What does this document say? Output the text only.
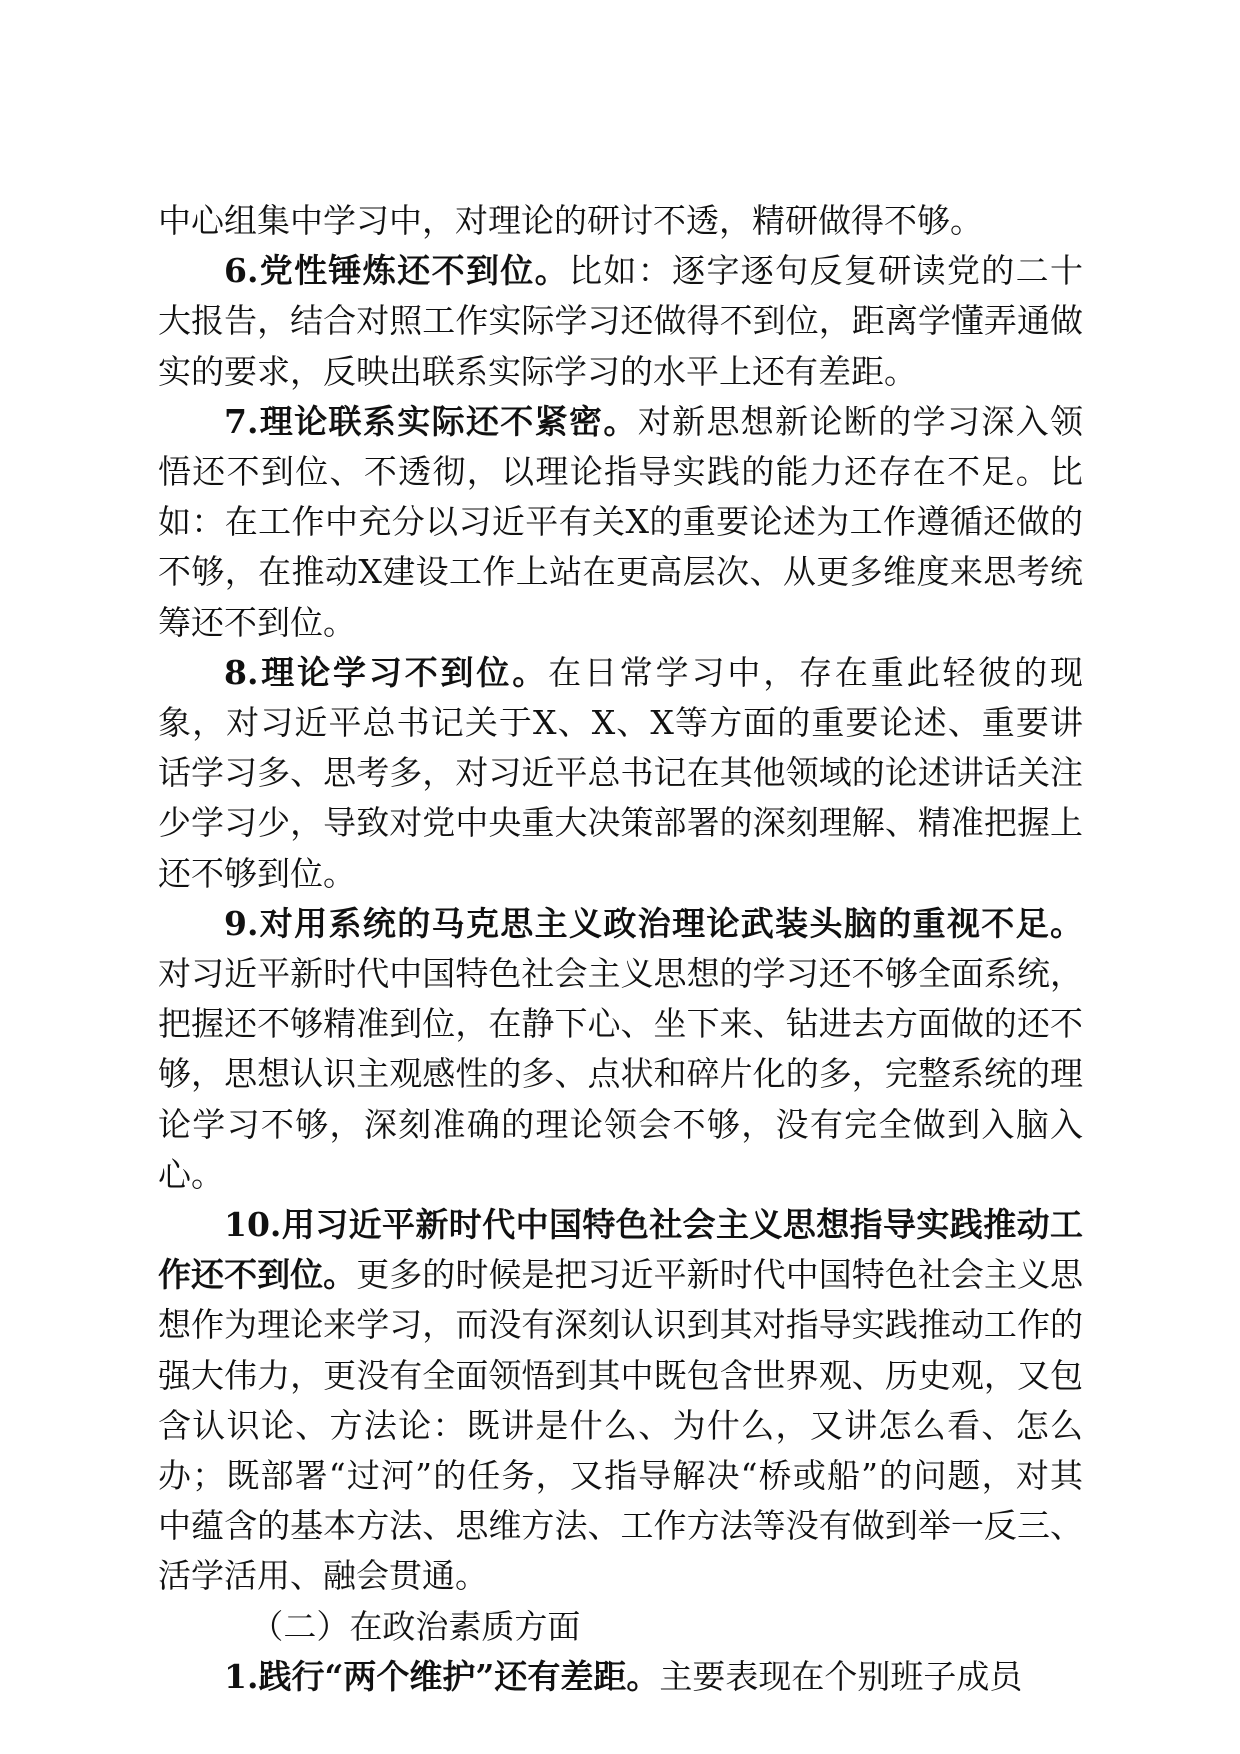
中心组集中学习中，对理论的研讨不透，精研做得不够。

6.党性锤炼还不到位。比如：逐字逐句反复研读党的二十大报告，结合对照工作实际学习还做得不到位，距离学懂弄通做实的要求，反映出联系实际学习的水平上还有差距。

7.理论联系实际还不紧密。对新思想新论断的学习深入领悟还不到位、不透彻，以理论指导实践的能力还存在不足。比如：在工作中充分以习近平有关X的重要论述为工作遵循还做的不够，在推动X建设工作上站在更高层次、从更多维度来思考统筹还不到位。

8.理论学习不到位。在日常学习中，存在重此轻彼的现象，对习近平总书记关于X、X、X等方面的重要论述、重要讲话学习多、思考多，对习近平总书记在其他领域的论述讲话关注少学习少，导致对党中央重大决策部署的深刻理解、精准把握上还不够到位。

9.对用系统的马克思主义政治理论武装头脑的重视不足。对习近平新时代中国特色社会主义思想的学习还不够全面系统，把握还不够精准到位，在静下心、坐下来、钻进去方面做的还不够，思想认识主观感性的多、点状和碎片化的多，完整系统的理论学习不够，深刻准确的理论领会不够，没有完全做到入脑入心。

10.用习近平新时代中国特色社会主义思想指导实践推动工作还不到位。更多的时候是把习近平新时代中国特色社会主义思想作为理论来学习，而没有深刻认识到其对指导实践推动工作的强大伟力，更没有全面领悟到其中既包含世界观、历史观，又包含认识论、方法论：既讲是什么、为什么，又讲怎么看、怎么办；既部署“过河”的任务，又指导解决“桥或船”的问题，对其中蕴含的基本方法、思维方法、工作方法等没有做到举一反三、活学活用、融会贯通。

（二）在政治素质方面

1.践行“两个维护”还有差距。主要表现在个别班子成员
